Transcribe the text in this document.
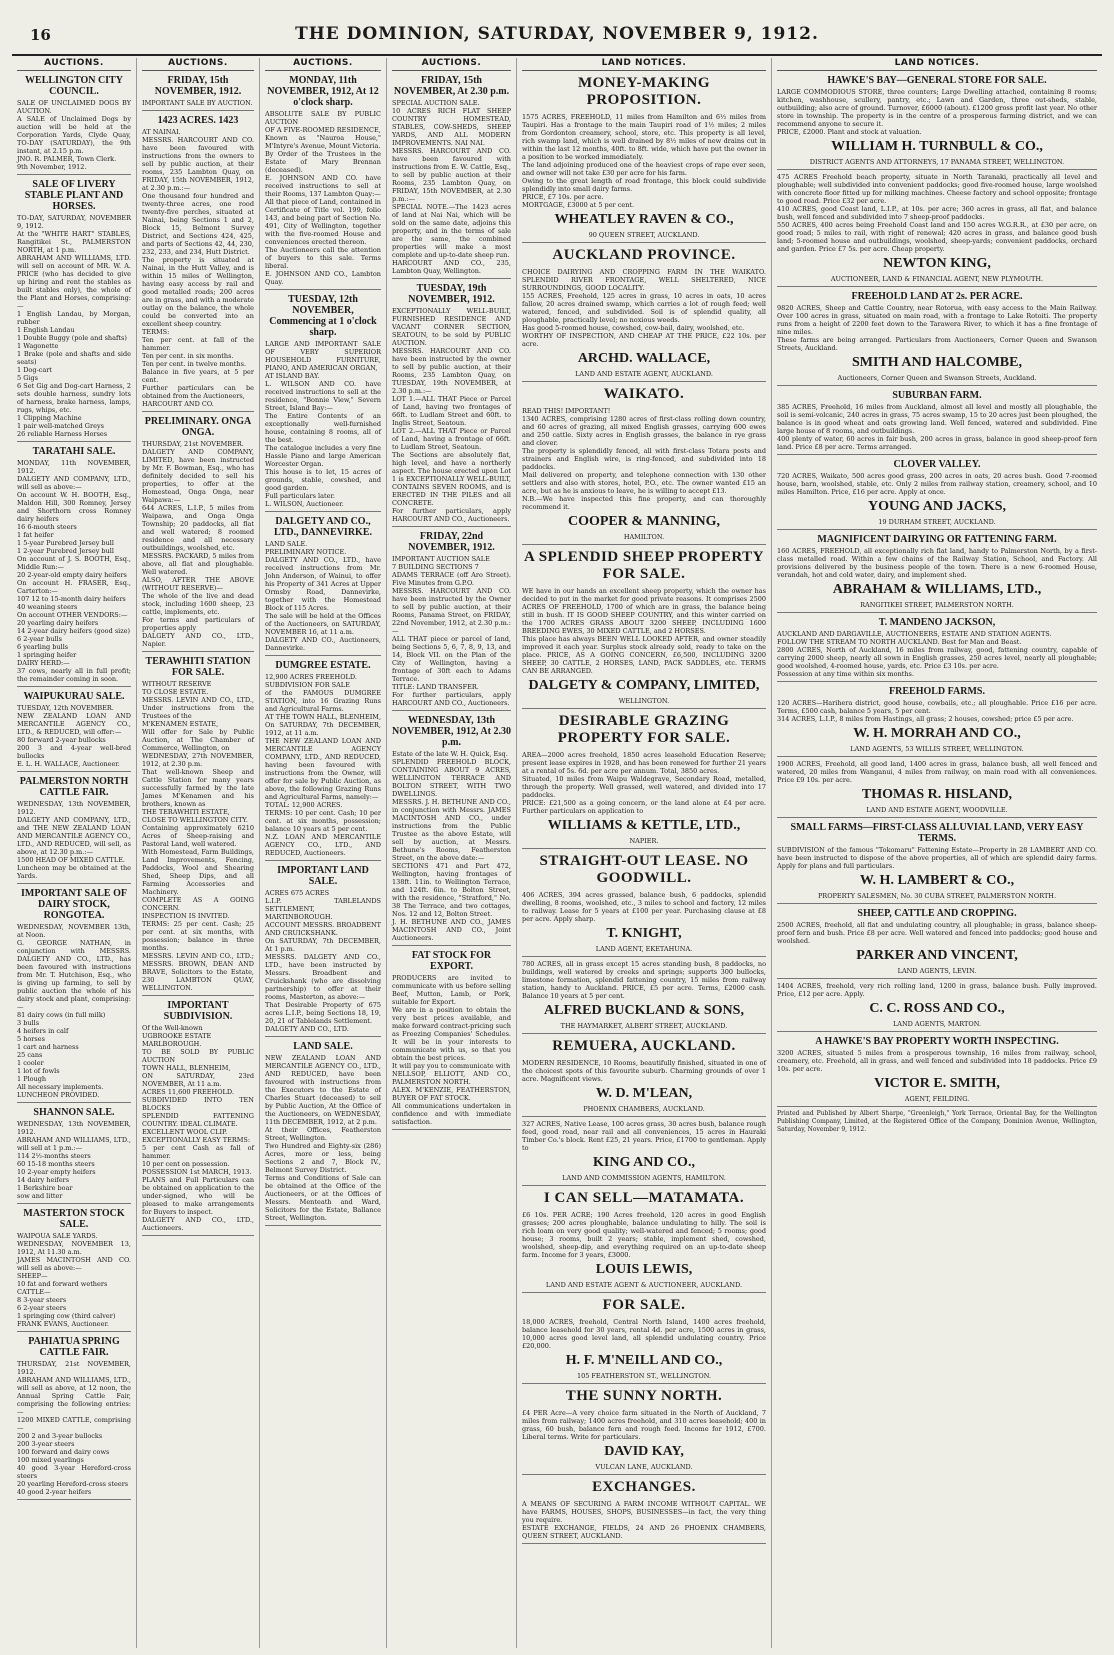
16	THE DOMINION, SATURDAY, NOVEMBER 9, 1912.
AUCTIONS.
WELLINGTON CITY COUNCIL.
SALE OF UNCLAIMED DOGS BY AUCTION.
A SALE of Unclaimed Dogs by auction will be held at the Corporation Yards, Clyde Quay, TO-DAY (SATURDAY), the 9th instant, at 2.15 p.m.
JNO. R. PALMER, Town Clerk.
9th November, 1912.
SALE OF LIVERY STABLE PLANT AND HORSES.
TO-DAY, SATURDAY, NOVEMBER 9, 1912.
At the "WHITE HART" STABLES, Rangitikei St., PALMERSTON NORTH, at 1 p.m.
ABRAHAM AND WILLIAMS, LTD. will sell on account of MR. W. A. PRICE (who has decided to give up hiring and rent the stables as built stables only), the whole of the Plant and Horses, comprising:—
1 English Landau, by Morgan, rubber
1 English Landau
1 Double Buggy (pole and shafts)
1 Wagonette
1 Brake (pole and shafts and side seats)
1 Dog-cart
5 Gigs
6 Set Gig and Dog-cart Harness, 2 sets double harness, sundry lots of harness, brake harness, lamps, rugs, whips, etc.
1 Clipping Machine
1 pair well-matched Greys
26 reliable Harness Horses
TARATAHI SALE.
MONDAY, 11th NOVEMBER, 1912.
DALGETY AND COMPANY, LTD., will sell as above:—
On account W. H. BOOTH, Esq., Maldon Hill, 300 Romney, Jersey and Shorthorn cross Romney dairy heifers
16 6-mouth steers
1 fat heifer
1 5-year Purebred Jersey bull
1 2-year Purebred Jersey bull
On account of J. S. BOOTH, Esq., Middle Run:—
20 2-year-old empty dairy heifers
On account H. FRASER, Esq., Carterton:—
107 12 to 15-month dairy heifers
40 weaning steers
On account OTHER VENDORS:—
20 yearling dairy heifers
14 2-year dairy heifers (good size)
6 2-year bulls
6 yearling bulls
1 springing heifer
DAIRY HERD:—
37 cows, nearly all in full profit; the remainder coming in soon.
WAIPUKURAU SALE.
TUESDAY, 12th NOVEMBER.
NEW ZEALAND LOAN AND MERCANTILE AGENCY CO., LTD., & REDUCED, will offer:—
80 forward 2-year bullocks
200 3 and 4-year well-bred bullocks
E. L. H. WALLACE, Auctioneer.
PALMERSTON NORTH CATTLE FAIR.
WEDNESDAY, 13th NOVEMBER, 1912.
DALGETY AND COMPANY, LTD., and THE NEW ZEALAND LOAN AND MERCANTILE AGENCY CO., LTD., AND REDUCED, will sell, as above, at 12.30 p.m.:—
1500 HEAD OF MIXED CATTLE.
Luncheon may be obtained at the Yards.
IMPORTANT SALE OF DAIRY STOCK, RONGOTEA.
WEDNESDAY, NOVEMBER 13th, at Noon.
G. GEORGE NATHAN, in conjunction with MESSRS. DALGETY AND CO., LTD., has been favoured with instructions from Mr. T. Hutchison, Esq., who is giving up farming, to sell by public auction the whole of his dairy stock and plant, comprising:—
81 dairy cows (in full milk)
3 bulls
4 heifers in calf
5 horses
1 cart and harness
25 cans
1 cooler
1 lot of fowls
1 Plough
All necessary implements.
LUNCHEON PROVIDED.
SHANNON SALE.
WEDNESDAY, 13th NOVEMBER, 1912.
ABRAHAM AND WILLIAMS, LTD., will sell at 1 p.m.:—
114 2½-months steers
60 15-18 months steers
10 2-year empty heifers
14 dairy heifers
1 Berkshire boar
sow and litter
MASTERTON STOCK SALE.
WAIPOUA SALE YARDS.
WEDNESDAY, NOVEMBER 13, 1912, At 11.30 a.m.
JAMES MACINTOSH AND CO. will sell as above:—
SHEEP—
10 fat and forward wethers
CATTLE—
8 3-year steers
6 2-year steers
1 springing cow (third calver)
FRANK EVANS, Auctioneer.
PAHIATUA SPRING CATTLE FAIR.
THURSDAY, 21st NOVEMBER, 1912.
ABRAHAM AND WILLIAMS, LTD., will sell as above, at 12 noon, the Annual Spring Cattle Fair, comprising the following entries:—
1200 MIXED CATTLE, comprising—
200 2 and 3-year bullocks
200 3-year steers
100 forward and dairy cows
100 mixed yearlings
40 good 3-year Hereford-cross steers
20 yearling Hereford-cross steers
40 good 2-year heifers
AUCTIONS.
FRIDAY, 15th NOVEMBER, 1912.
IMPORTANT SALE BY AUCTION.
1423 ACRES. 1423
AT NAINAI.
MESSRS. HARCOURT AND CO. have been favoured with instructions from the owners to sell by public auction, at their rooms, 235 Lambton Quay, on FRIDAY, 15th NOVEMBER, 1912, at 2.30 p.m.:—
One thousand four hundred and twenty-three acres, one rood twenty-five perches, situated at Nainai, being Sections 1 and 2, Block 15, Belmont Survey District, and Sections 424, 425, and parts of Sections 42, 44, 230, 232, 233, and 234, Hutt District.
The property is situated at Nainai, in the Hutt Valley, and is within 15 miles of Wellington, having easy access by rail and good metalled roads; 200 acres are in grass, and with a moderate outlay on the balance, the whole could be converted into an excellent sheep country.
TERMS:
Ten per cent. at fall of the hammer.
Ten per cent. in six months.
Ten per cent. in twelve months.
Balance in five years, at 5 per cent.
Further particulars can be obtained from the Auctioneers,
HARCOURT AND CO.
PRELIMINARY. ONGA ONGA.
THURSDAY, 21st NOVEMBER.
DALGETY AND COMPANY, LIMITED, have been instructed by Mr. F. Bowman, Esq., who has definitely decided to sell his properties, to offer at the Homestead, Onga Onga, near Waipawa:—
644 ACRES, L.I.P., 5 miles from Waipawa, and Onga Onga Township; 20 paddocks, all flat and well watered; 8 roomed residence and all necessary outbuildings, woolshed, etc.
MESSRS. PACKARD, 5 miles from above, all flat and ploughable. Well watered.
ALSO, AFTER THE ABOVE (WITHOUT RESERVE)—
The whole of the live and dead stock, including 1600 sheep, 23 cattle, implements, etc.
For terms and particulars of properties apply
DALGETY AND CO., LTD., Napier.
TERAWHITI STATION FOR SALE.
WITHOUT RESERVE
TO CLOSE ESTATE.
MESSRS. LEVIN AND CO., LTD., Under instructions from the Trustees of the
M'KENAMEN ESTATE,
Will offer for Sale by Public Auction, at The Chamber of Commerce, Wellington, on
WEDNESDAY, 27th NOVEMBER, 1912, at 2.30 p.m.
That well-known Sheep and Cattle Station for many years successfully farmed by the late James M'Kenamen and his brothers, known as
THE TERAWHITI ESTATE,
CLOSE TO WELLINGTON CITY.
Containing approximately 6210 Acres of Sheep-raising and Pastoral Land, well watered.
With Homestead, Farm Buildings, Land Improvements, Fencing, Paddocks, Wool and Shearing Shed, Sheep Dips, and all Farming Accessories and Machinery.
COMPLETE AS A GOING CONCERN.
INSPECTION IS INVITED.
TERMS: 25 per cent. Cash; 25 per cent. at six months, with possession; balance in three months.
MESSRS. LEVIN AND CO., LTD.; MESSRS. BROWN, DEAN AND BRAVE, Solicitors to the Estate, 230 LAMBTON QUAY, WELLINGTON.
IMPORTANT SUBDIVISION.
Of the Well-known
UGBROOKE ESTATE
MARLBOROUGH.
TO BE SOLD BY PUBLIC AUCTION
TOWN HALL, BLENHEIM,
ON SATURDAY, 23rd NOVEMBER, At 11 a.m.
ACRES 11,600 FREEHOLD.
SUBDIVIDED INTO TEN BLOCKS
SPLENDID FATTENING COUNTRY. IDEAL CLIMATE.
EXCELLENT WOOL CLIP.
EXCEPTIONALLY EASY TERMS:
5 per cent Cash as fall of hammer.
10 per cent on possession.
POSSESSION 1st MARCH, 1913.
PLANS and Full Particulars can be obtained on application to the under-signed, who will be pleased to make arrangements for Buyers to inspect.
DALGETY AND CO., LTD., Auctioneers.
AUCTIONS.
MONDAY, 11th NOVEMBER, 1912, At 12 o'clock sharp.
ABSOLUTE SALE BY PUBLIC AUCTION
OF A FIVE-ROOMED RESIDENCE,
Known as "Nauroa House," M'Intyre's Avenue, Mount Victoria.
By Order of the Trustees in the Estate of Mary Brennan (deceased).
E. JOHNSON AND CO. have received instructions to sell at their Rooms, 137 Lambton Quay:—
All that piece of Land, contained in Certificate of Title vol. 199, folio 143, and being part of Section No. 491, City of Wellington, together with the five-roomed House and conveniences erected thereon.
The Auctioneers call the attention of buyers to this sale. Terms liberal.
E. JOHNSON AND CO., Lambton Quay.
TUESDAY, 12th NOVEMBER, Commencing at 1 o'clock sharp.
LARGE AND IMPORTANT SALE OF VERY SUPERIOR HOUSEHOLD FURNITURE, PIANO, AND AMERICAN ORGAN,
AT ISLAND BAY.
L. WILSON AND CO. have received instructions to sell at the residence, "Bonnie View," Severn Street, Island Bay:—
The Entire Contents of an exceptionally well-furnished house, containing 8 rooms, all of the best.
The catalogue includes a very fine Hassle Piano and large American Worcester Organ.
This house is to let, 15 acres of grounds, stable, cowshed, and good garden.
Full particulars later.
L. WILSON, Auctioneer.
DALGETY AND CO., LTD., DANNEVIRKE.
LAND SALE.
PRELIMINARY NOTICE.
DALGETY AND CO., LTD., have received instructions from Mr. John Anderson, of Wainui, to offer his Property of 341 Acres at Upper Ormsby Road, Dannevirke, together with the Homestead Block of 115 Acres.
The sale will be held at the Offices of the Auctioneers, on SATURDAY, NOVEMBER 16, at 11 a.m.
DALGETY AND CO., Auctioneers, Dannevirke.
DUMGREE ESTATE.
12,900 ACRES FREEHOLD.
SUBDIVISION FOR SALE
of the FAMOUS DUMGREE STATION, into 16 Grazing Runs and Agricultural Farms.
AT THE TOWN HALL, BLENHEIM,
On SATURDAY, 7th DECEMBER, 1912, at 11 a.m.
THE NEW ZEALAND LOAN AND MERCANTILE AGENCY COMPANY, LTD., AND REDUCED, having been favoured with instructions from the Owner, will offer for sale by Public Auction, as above, the following Grazing Runs and Agricultural Farms, namely:—
TOTAL: 12,900 ACRES.
TERMS: 10 per cent. Cash; 10 per cent. at six months, possession; balance 10 years at 5 per cent.
N.Z. LOAN AND MERCANTILE AGENCY CO., LTD., AND REDUCED, Auctioneers.
IMPORTANT LAND SALE.
ACRES 675 ACRES
L.I.P. TABLELANDS SETTLEMENT, MARTINBOROUGH.
ACCOUNT MESSRS. BROADBENT AND CRUICKSHANK.
On SATURDAY, 7th DECEMBER, At 1 p.m.
MESSRS. DALGETY AND CO., LTD., have been instructed by Messrs. Broadbent and Cruickshank (who are dissolving partnership) to offer at their rooms, Masterton, as above:—
That Desirable Property of 675 acres L.I.P., being Sections 18, 19, 20, 21 of Tablelands Settlement.
DALGETY AND CO., LTD.
LAND SALE.
NEW ZEALAND LOAN AND MERCANTILE AGENCY CO., LTD., AND REDUCED, have been favoured with instructions from the Executors to the Estate of Charles Stuart (deceased) to sell by Public Auction, At the Office of the Auctioneers, on WEDNESDAY, 11th DECEMBER, 1912, at 2 p.m.
At their Offices, Featherston Street, Wellington.
Two Hundred and Eighty-six (286) Acres, more or less, being Sections 2 and 7, Block IV., Belmont Survey District.
Terms and Conditions of Sale can be obtained at the Office of the Auctioneers, or at the Offices of Messrs. Menteath and Ward, Solicitors for the Estate, Ballance Street, Wellington.
AUCTIONS.
FRIDAY, 15th NOVEMBER, At 2.30 p.m.
SPECIAL AUCTION SALE.
10 ACRES RICH FLAT SHEEP COUNTRY HOMESTEAD, STABLES, COW-SHEDS, SHEEP YARDS, AND ALL MODERN IMPROVEMENTS. NAI NAI.
MESSRS. HARCOURT AND CO. have been favoured with instructions from E. W. Cattle, Esq., to sell by public auction at their Rooms, 235 Lambton Quay, on FRIDAY, 15th NOVEMBER, at 2.30 p.m.:—
SPECIAL NOTE.—The 1423 acres of land at Nai Nai, which will be sold on the same date, adjoins this property, and in the terms of sale are the same, the combined properties will make a most complete and up-to-date sheep run.
HARCOURT AND CO., 235, Lambton Quay, Wellington.
TUESDAY, 19th NOVEMBER, 1912.
EXCEPTIONALLY WELL-BUILT, FURNISHED RESIDENCE AND VACANT CORNER SECTION, SEATOUN, to be sold by PUBLIC AUCTION.
MESSRS. HARCOURT AND CO. have been instructed by the owner to sell by public auction, at their Rooms, 235 Lambton Quay, on TUESDAY, 19th NOVEMBER, at 2.30 p.m.:—
LOT 1.—ALL THAT Piece or Parcel of Land, having two frontages of 66ft. to Ludlam Street and 60ft. to Inglis Street, Seatoun.
LOT 2.—ALL THAT Piece or Parcel of Land, having a frontage of 66ft. to Ludlam Street, Seatoun.
The Sections are absolutely flat, high level, and have a northerly aspect. The house erected upon Lot 1 is EXCEPTIONALLY WELL-BUILT, CONTAINS SEVEN ROOMS, and is ERECTED IN THE PILES and all CONCRETE.
For further particulars, apply HARCOURT AND CO., Auctioneers.
FRIDAY, 22nd NOVEMBER, 1912.
IMPORTANT AUCTION SALE
7 BUILDING SECTIONS 7
ADAMS TERRACE (off Aro Street). Five Minutes from G.P.O.
MESSRS. HARCOURT AND CO. have been instructed by the Owner to sell by public auction, at their Rooms, Panama Street, on FRIDAY, 22nd November, 1912, at 2.30 p.m.:—
ALL THAT piece or parcel of land, being Sections 5, 6, 7, 8, 9, 13, and 14, Block VII. on the Plan of the City of Wellington, having a frontage of 30ft each to Adams Terrace.
TITLE: LAND TRANSFER.
For further particulars, apply HARCOURT AND CO., Auctioneers.
WEDNESDAY, 13th NOVEMBER, 1912, At 2.30 p.m.
Estate of the late W. H. Quick, Esq.
SPLENDID FREEHOLD BLOCK, CONTAINING ABOUT 9 ACRES, WELLINGTON TERRACE AND BOLTON STREET, WITH TWO DWELLINGS.
MESSRS. J. H. BETHUNE AND CO., in conjunction with Messrs. JAMES MACINTOSH AND CO., under instructions from the Public Trustee as the above Estate, will sell by auction, at Messrs. Bethune's Rooms, Featherston Street, on the above date:—
SECTIONS 471 and Part 472, Wellington, having frontages of 138ft. 11in. to Wellington Terrace, and 124ft. 6in. to Bolton Street, with the residence, "Stratford," No. 38 The Terrace, and two cottages, Nos. 12 and 12, Bolton Street.
J. H. BETHUNE AND CO., JAMES MACINTOSH AND CO., Joint Auctioneers.
FAT STOCK FOR EXPORT.
PRODUCERS are invited to communicate with us before selling Beef, Mutton, Lamb, or Pork, suitable for Export.
We are in a position to obtain the very best prices available, and make forward contract-pricing such as Freezing Companies' Schedules. It will be in your interests to communicate with us, so that you obtain the best prices.
It will pay you to communicate with
NELLSOP, ELLIOTT, AND CO., PALMERSTON NORTH.
ALEX. M'KENZIE, FEATHERSTON, BUYER OF FAT STOCK.
All communications undertaken in confidence and with immediate satisfaction.
LAND NOTICES.
MONEY-MAKING PROPOSITION.
1575 ACRES, FREEHOLD, 11 miles from Hamilton and 6½ miles from Taupiri. Has a frontage to the main Taupiri road of 1½ miles; 2 miles from Gordonton creamery, school, store, etc. This property is all level, rich swamp land, which is well drained by 8½ miles of new drains cut in within the last 12 months, 40ft. to 8ft. wide, which have put the owner in a position to be worked immediately.
The land adjoining produced one of the heaviest crops of rape ever seen, and owner will not take £30 per acre for his farm.
Owing to the great length of road frontage, this block could subdivide splendidly into small dairy farms.
PRICE, £7 10s. per acre.
MORTGAGE, £3000 at 5 per cent.
WHEATLEY RAVEN & CO.,
90 QUEEN STREET, AUCKLAND.
AUCKLAND PROVINCE.
CHOICE DAIRYING AND CROPPING FARM IN THE WAIKATO. SPLENDID RIVER FRONTAGE, WELL SHELTERED, NICE SURROUNDINGS, GOOD LOCALITY.
155 ACRES, Freehold, 125 acres in grass, 10 acres in oats, 10 acres fallow, 20 acres drained swamp, which carries a lot of rough feed; well watered, fenced, and subdivided. Soil is of splendid quality, all ploughable, practically level; no noxious weeds.
Has good 5-roomed house, cowshed, cow-bail, dairy, woolshed, etc.
WORTHY OF INSPECTION, AND CHEAP AT THE PRICE, £22 10s. per acre.
ARCHD. WALLACE,
LAND AND ESTATE AGENT, AUCKLAND.
WAIKATO.
READ THIS! IMPORTANT!
1340 ACRES, comprising 1280 acres of first-class rolling down country, and 60 acres of grazing, all mixed English grasses, carrying 600 ewes and 250 cattle. Sixty acres in English grasses, the balance in rye grass and clover.
The property is splendidly fenced, all with first-class Totara posts and strainers and English wire, is ring-fenced, and subdivided into 18 paddocks.
Mail delivered on property, and telephone connection with 130 other settlers and also with stores, hotel, P.O., etc. The owner wanted £15 an acre, but as he is anxious to leave, he is willing to accept £13.
N.B.—We have inspected this fine property, and can thoroughly recommend it.
COOPER & MANNING,
HAMILTON.
A SPLENDID SHEEP PROPERTY FOR SALE.
WE have in our hands an excellent sheep property, which the owner has decided to put in the market for good private reasons. It comprises 2500 ACRES OF FREEHOLD, 1700 of which are in grass, the balance being still in bush. IT IS GOOD SHEEP COUNTRY, and this winter carried on the 1700 ACRES GRASS ABOUT 3200 SHEEP, INCLUDING 1600 BREEDING EWES, 30 MIXED CATTLE, and 2 HORSES.
This place has always BEEN WELL LOOKED AFTER, and owner steadily improved it each year. Surplus stock already sold, ready to take on the place. PRICE, AS A GOING CONCERN, £6,500, INCLUDING 3200 SHEEP, 30 CATTLE, 2 HORSES, LAND, PACK SADDLES, etc. TERMS CAN BE ARRANGED.
DALGETY & COMPANY, LIMITED,
WELLINGTON.
DESIRABLE GRAZING PROPERTY FOR SALE.
AREA—2000 acres freehold, 1850 acres leasehold Education Reserve; present lease expires in 1928, and has been renewed for further 21 years at a rental of 5s. 6d. per acre per annum. Total, 3850 acres.
Situated, 10 miles from Waipu Waldegrave, Secondary Road, metalled, through the property. Well grassed, well watered, and divided into 17 paddocks.
PRICE: £21,500 as a going concern, or the land alone at £4 per acre. Further particulars on application to
WILLIAMS & KETTLE, LTD.,
NAPIER.
STRAIGHT-OUT LEASE. NO GOODWILL.
406 ACRES, 394 acres grassed, balance bush, 6 paddocks, splendid dwelling, 8 rooms, woolshed, etc., 3 miles to school and factory, 12 miles to railway. Lease for 5 years at £100 per year. Purchasing clause at £8 per acre. Apply sharp.
T. KNIGHT,
LAND AGENT, EKETAHUNA.
780 ACRES, all in grass except 15 acres standing bush, 8 paddocks, no buildings, well watered by creeks and springs; supports 300 bullocks, limestone formation, splendid fattening country, 15 miles from railway station, handy to Auckland. PRICE, £5 per acre. Terms, £2000 cash. Balance 10 years at 5 per cent.
ALFRED BUCKLAND & SONS,
THE HAYMARKET, ALBERT STREET, AUCKLAND.
REMUERA, AUCKLAND.
MODERN RESIDENCE, 10 Rooms, beautifully finished, situated in one of the choicest spots of this favourite suburb. Charming grounds of over 1 acre. Magnificent views.
W. D. M'LEAN,
PHOENIX CHAMBERS, AUCKLAND.
327 ACRES, Native Lease, 100 acres grass, 30 acres bush, balance rough feed, good road, near rail and all conveniences, 15 acres in Hauraki Timber Co.'s block. Rent £25, 21 years. Price, £1700 to gentleman. Apply to
KING AND CO.,
LAND AND COMMISSION AGENTS, HAMILTON.
I CAN SELL—MATAMATA.
£6 10s. PER ACRE; 190 Acres freehold, 120 acres in good English grasses; 200 acres ploughable, balance undulating to hilly. The soil is rich loam on very good quality; well-watered and fenced; 5 rooms; good house; 3 rooms, built 2 years; stable, implement shed, cowshed, woolshed, sheep-dip, and everything required on an up-to-date sheep farm. Income for 3 years, £3000.
LOUIS LEWIS,
LAND AND ESTATE AGENT & AUCTIONEER, AUCKLAND.
FOR SALE.
18,000 ACRES, freehold, Central North Island, 1400 acres freehold, balance leasehold for 30 years, rental 4d. per acre, 1500 acres in grass, 10,000 acres good level land, all splendid undulating country. Price £20,000.
H. F. M'NEILL AND CO.,
105 FEATHERSTON ST., WELLINGTON.
THE SUNNY NORTH.
£4 PER Acre—A very choice farm situated in the North of Auckland, 7 miles from railway; 1400 acres freehold, and 310 acres leasehold; 400 in grass, 60 bush, balance fern and rough feed. Income for 1912, £700. Liberal terms. Write for particulars.
DAVID KAY,
VULCAN LANE, AUCKLAND.
EXCHANGES.
A MEANS OF SECURING A FARM INCOME WITHOUT CAPITAL. WE have FARMS, HOUSES, SHOPS, BUSINESSES—in fact, the very thing you require.
ESTATE EXCHANGE, FIELDS, 24 AND 26 PHOENIX CHAMBERS, QUEEN STREET, AUCKLAND.
LAND NOTICES.
HAWKE'S BAY—GENERAL STORE FOR SALE.
LARGE COMMODIOUS STORE, three counters; Large Dwelling attached, containing 8 rooms; kitchen, washhouse, scullery, pantry, etc.; Lawn and Garden, three out-sheds, stable, outbuilding; also acre of ground. Turnover, £6000 (about). £1200 gross profit last year. No other store in township. The property is in the centre of a prosperous farming district, and we can recommend anyone to secure it.
PRICE, £2000. Plant and stock at valuation.
WILLIAM H. TURNBULL & CO.,
DISTRICT AGENTS AND ATTORNEYS, 17 PANAMA STREET, WELLINGTON.
475 ACRES Freehold beach property, situate in North Taranaki, practically all level and ploughable; well subdivided into convenient paddocks; good five-roomed house, large woolshed with concrete floor fitted up for milking machines. Cheese factory and school opposite; frontage to good road. Price £32 per acre.
410 ACRES, good Coast land, L.I.P., at 10s. per acre; 360 acres in grass, all flat, and balance bush, well fenced and subdivided into 7 sheep-proof paddocks.
550 ACRES, 400 acres being Freehold Coast land and 150 acres W.G.R.R., at £30 per acre, on good road; 5 miles to rail, with right of renewal; 420 acres in grass, and balance good bush land; 5-roomed house and outbuildings, woolshed, sheep-yards; convenient paddocks, orchard and garden. Price £7 5s. per acre. Cheap property.
NEWTON KING,
AUCTIONEER, LAND & FINANCIAL AGENT, NEW PLYMOUTH.
FREEHOLD LAND AT 2s. PER ACRE.
9820 ACRES, Sheep and Cattle Country, near Rotorua, with easy access to the Main Railway. Over 100 acres in grass, situated on main road, with a frontage to Lake Rotoiti. The property runs from a height of 2200 feet down to the Tarawera River, to which it has a fine frontage of nine miles.
These farms are being arranged. Particulars from Auctioneers, Corner Queen and Swanson Streets, Auckland.
SMITH AND HALCOMBE,
Auctioneers, Corner Queen and Swanson Streets, Auckland.
SUBURBAN FARM.
385 ACRES, Freehold, 16 miles from Auckland, almost all level and mostly all ploughable, the soil is semi-volcanic, 240 acres in grass, 75 acres swamp, 15 to 20 acres just been ploughed, the balance is in good wheat and oats growing land. Well fenced, watered and subdivided. Fine large house of 8 rooms, and outbuildings.
400 plenty of water, 60 acres in fair bush, 200 acres in grass, balance in good sheep-proof fern land. Price £8 per acre. Terms arranged.
CLOVER VALLEY.
720 ACRES, Waikato, 500 acres good grass, 200 acres in oats, 20 acres bush. Good 7-roomed house, barn, woolshed, stable, etc. Only 2 miles from railway station, creamery, school, and 10 miles Hamilton. Price, £16 per acre. Apply at once.
YOUNG AND JACKS,
19 DURHAM STREET, AUCKLAND.
MAGNIFICENT DAIRYING OR FATTENING FARM.
160 ACRES, FREEHOLD, all exceptionally rich flat land, handy to Palmerston North, by a first-class metalled road. Within a few chains of the Railway Station, School, and Factory. All provisions delivered by the business people of the town. There is a new 6-roomed House, verandah, hot and cold water, dairy, and implement shed.
ABRAHAM & WILLIAMS, LTD.,
RANGITIKEI STREET, PALMERSTON NORTH.
T. MANDENO JACKSON,
AUCKLAND AND DARGAVILLE, AUCTIONEERS, ESTATE AND STATION AGENTS.
FOLLOW THE STREAM TO NORTH AUCKLAND. Best for Man and Beast.
2800 ACRES, North of Auckland, 16 miles from railway, good, fattening country, capable of carrying 2000 sheep, nearly all sown in English grasses, 250 acres level, nearly all ploughable; good woolshed, 4-roomed house, yards, etc. Price £3 10s. per acre.
Possession at any time within six months.
FREEHOLD FARMS.
120 ACRES—Harihera district, good house, cowbails, etc.; all ploughable. Price £16 per acre. Terms, £500 cash, balance 5 years, 5 per cent.
314 ACRES, L.I.P., 8 miles from Hastings, all grass; 2 houses, cowshed; price £5 per acre.
W. H. MORRAH AND CO.,
LAND AGENTS, 53 WILLIS STREET, WELLINGTON.
1900 ACRES, Freehold, all good land, 1400 acres in grass, balance bush, all well fenced and watered, 20 miles from Wanganui, 4 miles from railway, on main road with all conveniences. Price £9 10s. per acre.
THOMAS R. HISLAND,
LAND AND ESTATE AGENT, WOODVILLE.
SMALL FARMS—FIRST-CLASS ALLUVIAL LAND, VERY EASY TERMS.
SUBDIVISION of the famous "Tokomaru" Fattening Estate—Property in 28 LAMBERT AND CO. have been instructed to dispose of the above properties, all of which are splendid dairy farms. Apply for plans and full particulars.
W. H. LAMBERT & CO.,
PROPERTY SALESMEN, No. 30 CUBA STREET, PALMERSTON NORTH.
SHEEP, CATTLE AND CROPPING.
2500 ACRES, freehold, all flat and undulating country, all ploughable; in grass, balance sheep-proof fern and bush. Price £8 per acre. Well watered and fenced into paddocks; good house and woolshed.
PARKER AND VINCENT,
LAND AGENTS, LEVIN.
1404 ACRES, freehold, very rich rolling land, 1200 in grass, balance bush. Fully improved. Price, £12 per acre. Apply.
C. C. ROSS AND CO.,
LAND AGENTS, MARTON.
A HAWKE'S BAY PROPERTY WORTH INSPECTING.
3200 ACRES, situated 5 miles from a prosperous township, 16 miles from railway, school, creamery, etc. Freehold, all in grass, and well fenced and subdivided into 18 paddocks. Price £9 10s. per acre.
VICTOR E. SMITH,
AGENT, FEILDING.
Printed and Published by Albert Sharpe, "Greenleigh," York Terrace, Oriental Bay, for the Wellington Publishing Company, Limited, at the Registered Office of the Company, Dominion Avenue, Wellington, Saturday, November 9, 1912.
